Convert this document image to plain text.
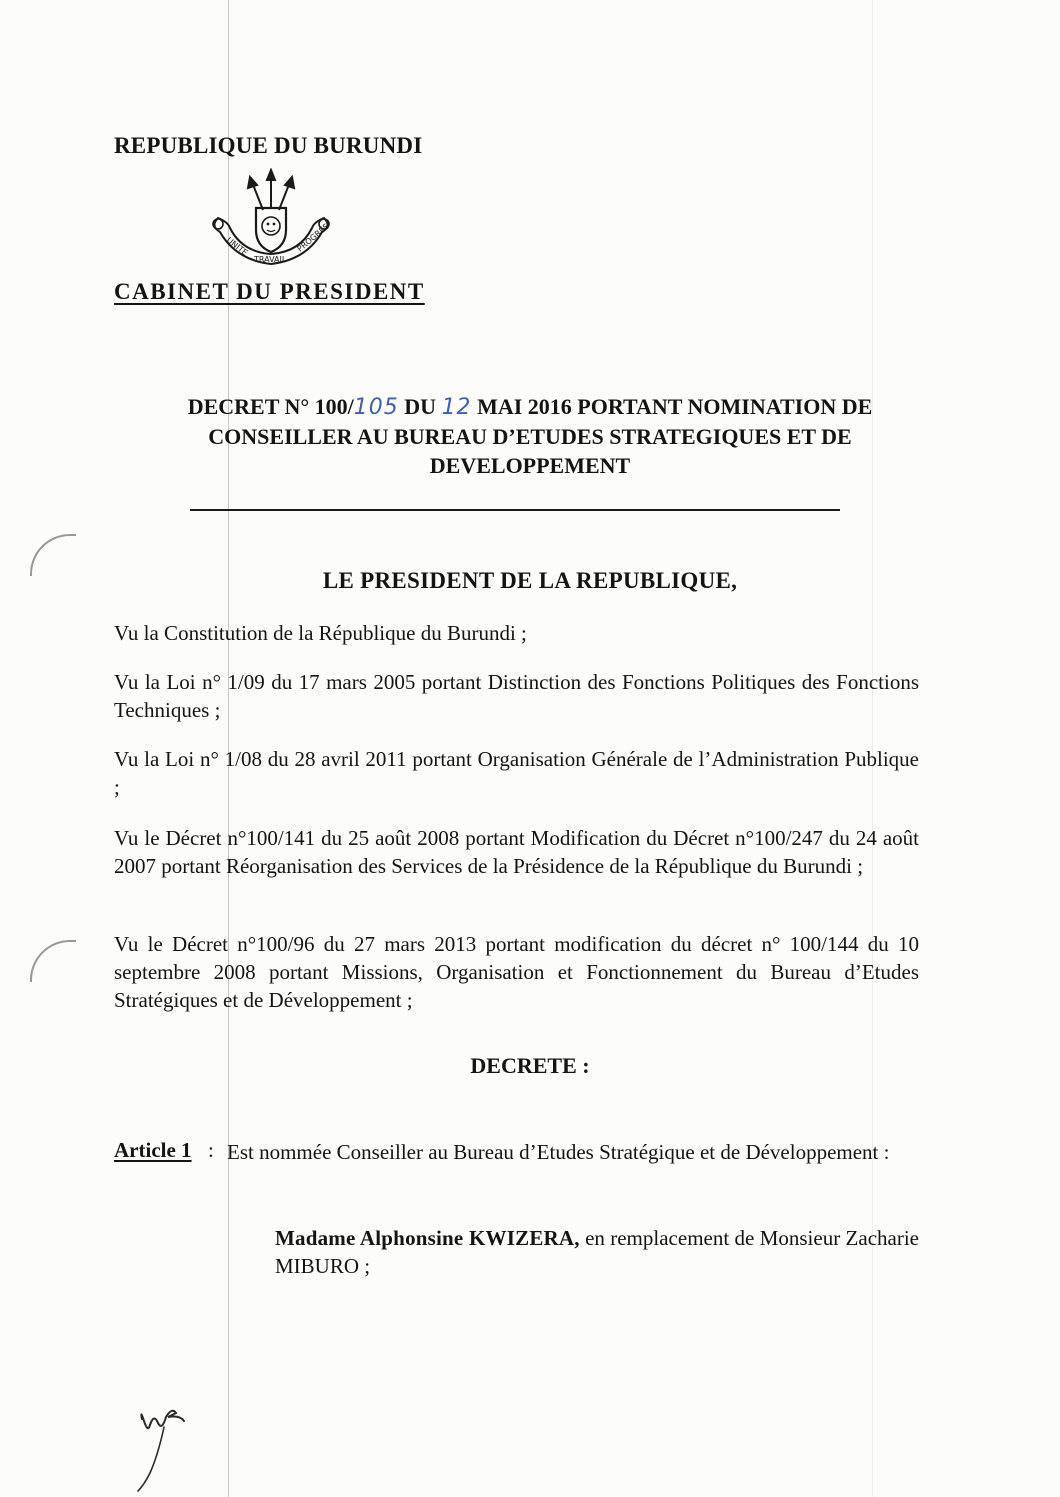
REPUBLIQUE DU BURUNDI
UNITE
TRAVAIL
PROGRES
CABINET DU PRESIDENT
DECRET N° 100/105 DU 12 MAI 2016 PORTANT NOMINATION DE
CONSEILLER AU BUREAU D’ETUDES STRATEGIQUES ET DE
DEVELOPPEMENT
LE PRESIDENT DE LA REPUBLIQUE,
Vu la Constitution de la République du Burundi ;
Vu la Loi n° 1/09 du 17 mars 2005 portant Distinction des Fonctions Politiques des Fonctions Techniques ;
Vu la Loi n° 1/08 du 28 avril 2011 portant Organisation Générale de l’Administration Publique ;
Vu le Décret n°100/141 du 25 août 2008 portant Modification du Décret n°100/247 du 24 août 2007 portant Réorganisation des Services de la Présidence de la République du Burundi ;
Vu le Décret n°100/96 du 27 mars 2013 portant modification du décret n° 100/144 du 10 septembre 2008 portant Missions, Organisation et Fonctionnement du Bureau d’Etudes Stratégiques et de Développement ;
DECRETE :
Article 1 : Est nommée Conseiller au Bureau d’Etudes Stratégique et de Développement :
Madame Alphonsine KWIZERA, en remplacement de Monsieur Zacharie MIBURO ;
